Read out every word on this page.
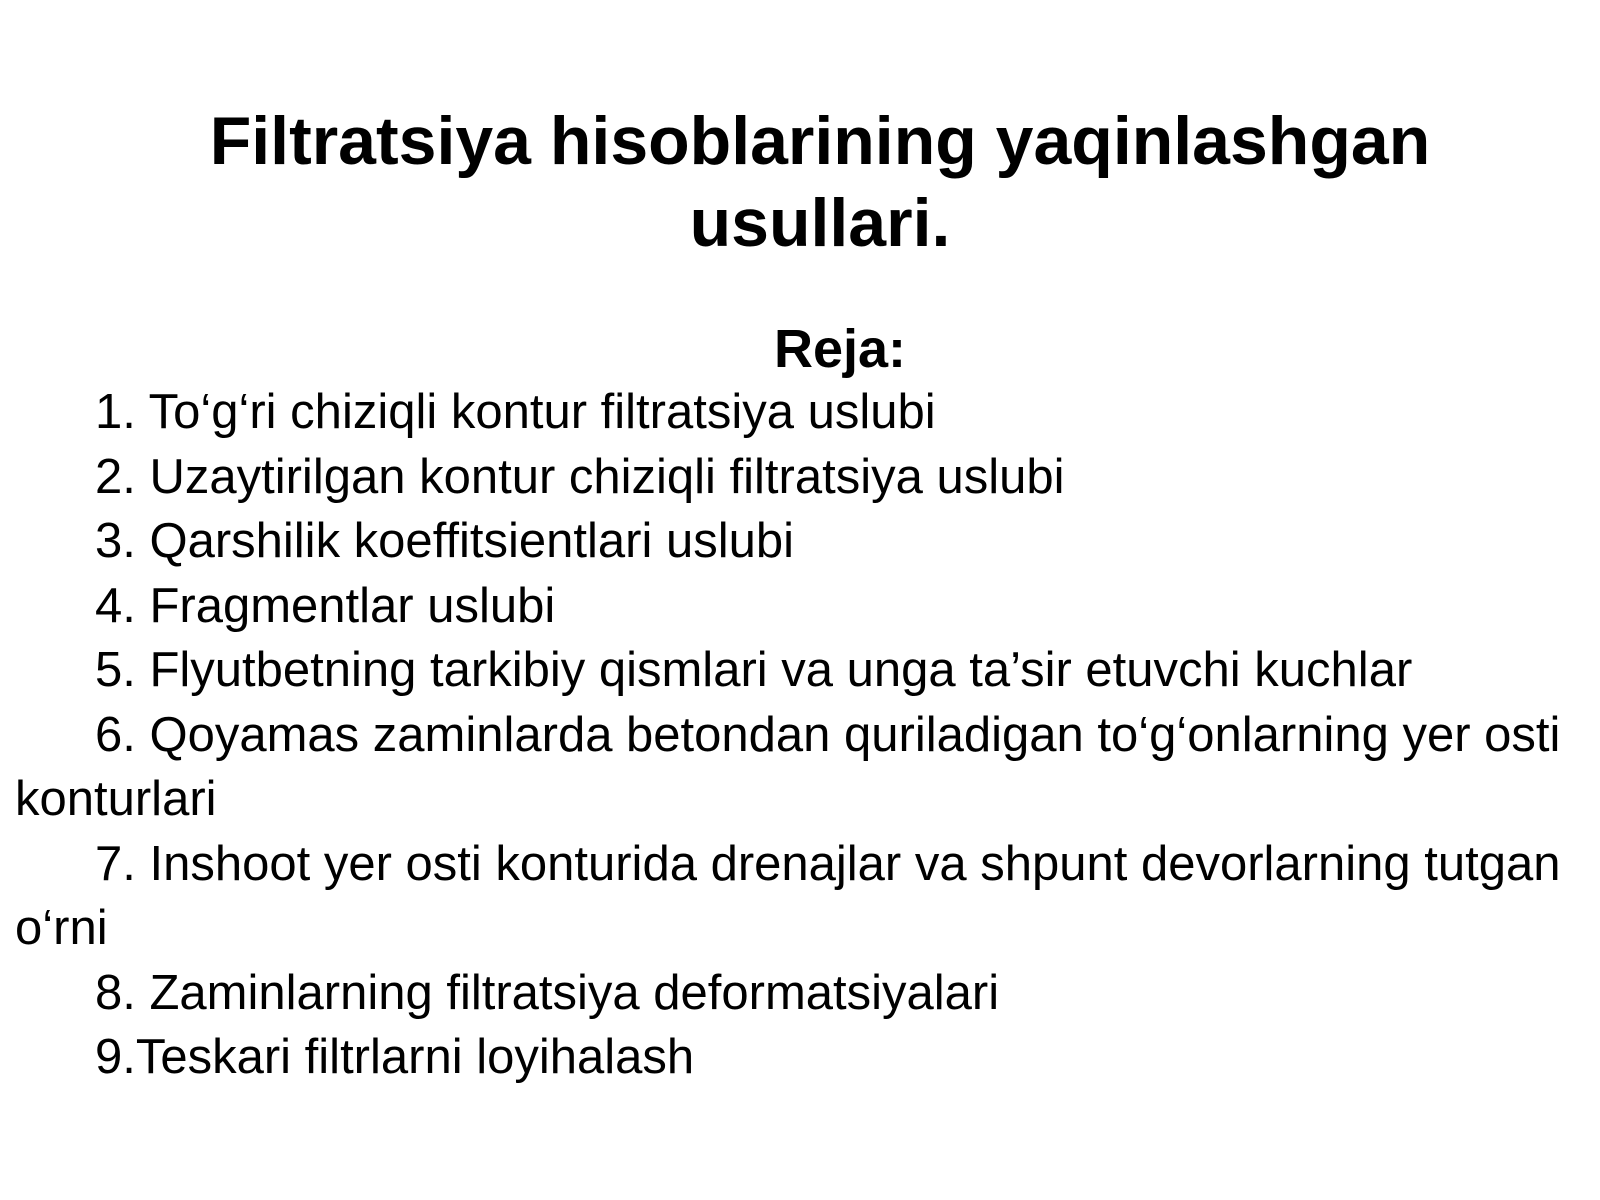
Filtratsiya hisoblarining yaqinlashgan usullari.
Reja:
1. To‘g‘ri chiziqli kontur filtratsiya uslubi
2. Uzaytirilgan kontur chiziqli filtratsiya uslubi
3. Qarshilik koeffitsientlari uslubi
4. Fragmentlar uslubi
5. Flyutbetning tarkibiy qismlari va unga ta’sir etuvchi kuchlar
6. Qoyamas zaminlarda betondan quriladigan to‘g‘onlarning yer osti konturlari
7. Inshoot yer osti konturida drenajlar va shpunt devorlarning tutgan o‘rni
8. Zaminlarning filtratsiya deformatsiyalari
9.Teskari filtrlarni loyihalash
